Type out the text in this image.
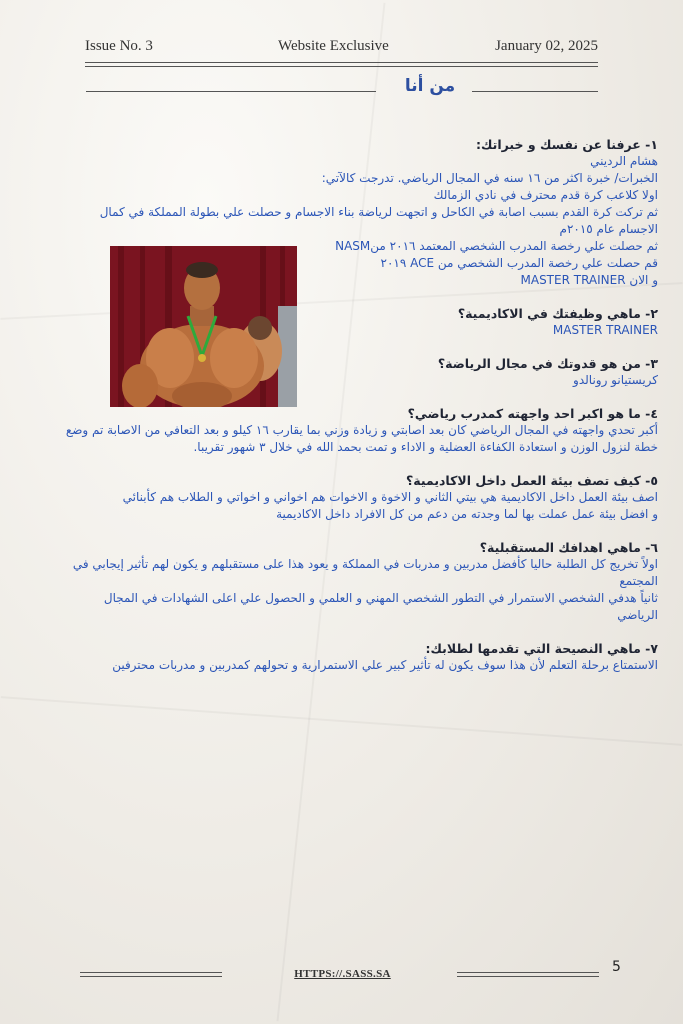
Issue No. 3	Website Exclusive	January 02, 2025
من أنا

١- عرفنا عن نفسك و خبراتك:

هشام الرديني

الخبرات/ خبرة اكثر من ١٦ سنه في المجال الرياضي. تدرجت كالآتي:

اولا كلاعب كرة قدم محترف في نادي الزمالك

ثم تركت كرة القدم بسبب اصابة في الكاحل و اتجهت لرياضة بناء الاجسام و حصلت علي بطولة المملكة في كمال الاجسام عام ٢٠١٥م

ثم حصلت علي رخصة المدرب الشخصي المعتمد ٢٠١٦ منNASM

قم حصلت علي رخصة المدرب الشخصي من ACE ٢٠١٩

و الان MASTER TRAINER

٢- ماهي وظيفتك في الاكاديمية؟

MASTER TRAINER

٣- من هو قدوتك في مجال الرياضة؟

كريستيانو رونالدو

٤- ما هو اكبر احد واجهته كمدرب رياضي؟

أكبر تحدي واجهته في المجال الرياضي كان بعد اصابتي و زيادة وزني بما يقارب ١٦ كيلو و بعد التعافي من الاصابة تم وضع خطة لنزول الوزن و استعادة الكفاءة العضلية و الاداء و تمت بحمد الله في خلال ٣ شهور تقريبا.

٥- كيف تصف بيئة العمل داخل الاكاديمية؟

اصف بيئة العمل داخل الاكاديمية هي بيتي الثاني و الاخوة و الاخوات هم اخواني و اخواتي و الطلاب هم كأبنائي

و افضل بيئة عمل عملت بها لما وجدته من دعم من كل الافراد داخل الاكاديمية

٦- ماهي اهدافك المستقبلية؟

اولاً تخريج كل الطلبة حاليا كأفضل مدربين و مدربات في المملكة و يعود هذا على مستقبلهم و يكون لهم تأثير إيجابي في المجتمع

ثانياً هدفي الشخصي الاستمرار في التطور الشخصي المهني و العلمي و الحصول علي اعلى الشهادات في المجال الرياضي

٧- ماهي النصيحة التي تقدمها لطلابك:

الاستمتاع برحلة التعلم لأن هذا سوف يكون له تأثير كبير علي الاستمرارية و تحولهم كمدربين و مدربات محترفين

HTTPS://.SASS.SA	5
